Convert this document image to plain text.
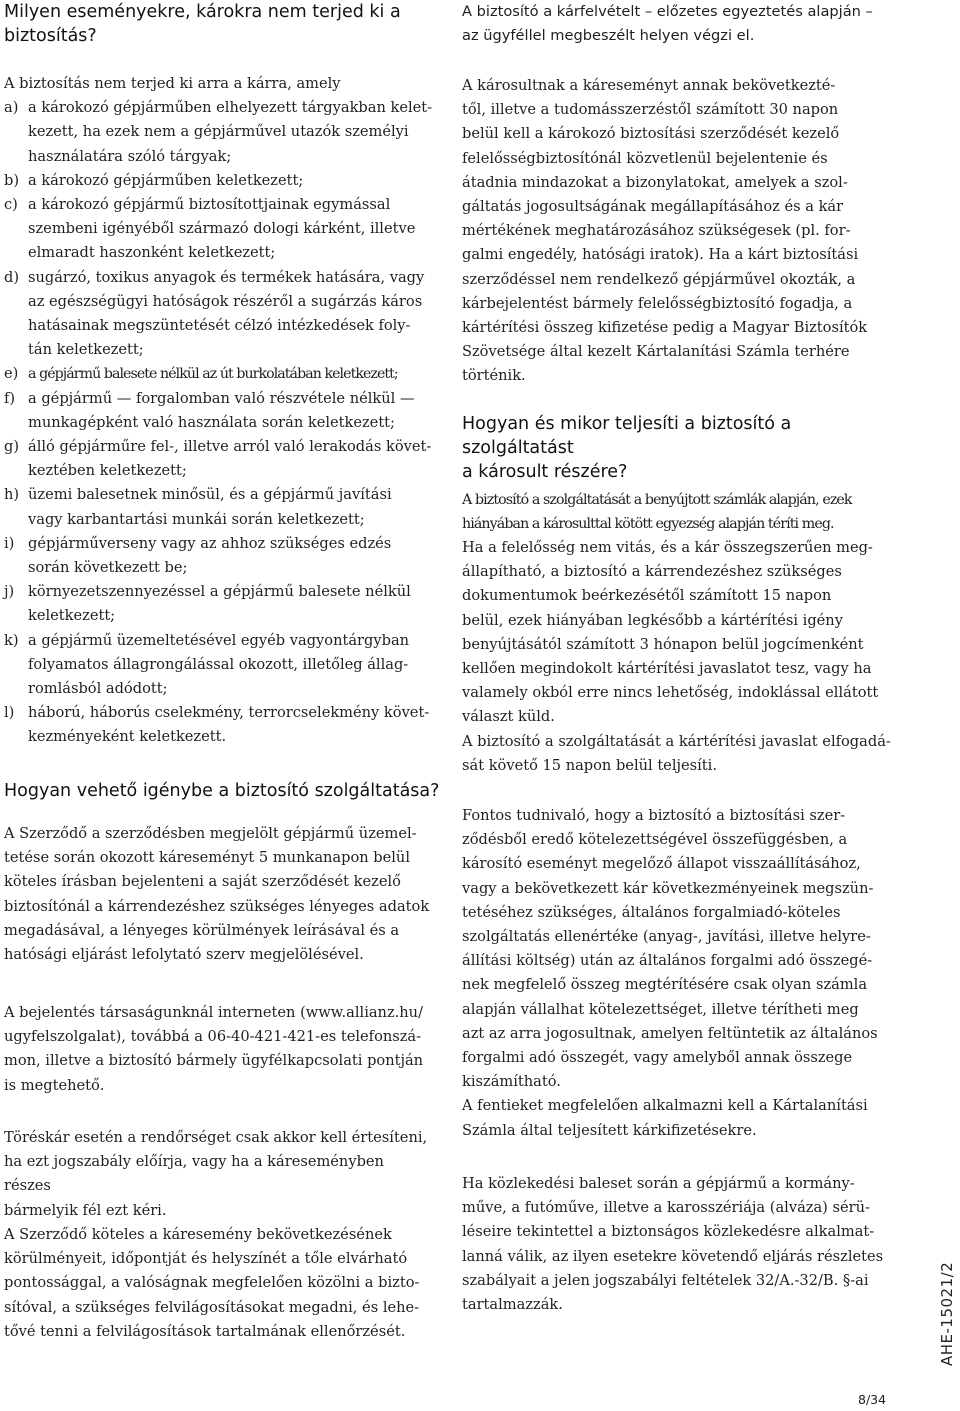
Milyen eseményekre, károkra nem terjed ki a
biztosítás?

A biztosítás nem terjed ki arra a kárra, amely

a) a károkozó gépjárműben elhelyezett tárgyakban kelet-
kezett, ha ezek nem a gépjárművel utazók személyi
használatára szóló tárgyak;
b) a károkozó gépjárműben keletkezett;
c) a károkozó gépjármű biztosítottjainak egymással
szembeni igényéből származó dologi kárként, illetve
elmaradt haszonként keletkezett;
d) sugárzó, toxikus anyagok és termékek hatására, vagy
az egészségügyi hatóságok részéről a sugárzás káros
hatásainak megszüntetését célzó intézkedések foly-
tán keletkezett;
e) a gépjármű balesete nélkül az út burkolatában keletkezett;
f) a gépjármű — forgalomban való részvétele nélkül —
munkagépként való használata során keletkezett;
g) álló gépjárműre fel-, illetve arról való lerakodás követ-
keztében keletkezett;
h) üzemi balesetnek minősül, és a gépjármű javítási
vagy karbantartási munkái során keletkezett;
i) gépjárműverseny vagy az ahhoz szükséges edzés
során következett be;
j) környezetszennyezéssel a gépjármű balesete nélkül
keletkezett;
k) a gépjármű üzemeltetésével egyéb vagyontárgyban
folyamatos állagrongálással okozott, illetőleg állag-
romlásból adódott;
l) háború, háborús cselekmény, terrorcselekmény követ-
kezményeként keletkezett.
Hogyan vehető igénybe a biztosító szolgáltatása?
A Szerződő a szerződésben megjelölt gépjármű üzemel-
tetése során okozott káreseményt 5 munkanapon belül
köteles írásban bejelenteni a saját szerződését kezelő
biztosítónál a kárrendezéshez szükséges lényeges adatok
megadásával, a lényeges körülmények leírásával és a
hatósági eljárást lefolytató szerv megjelölésével.
A bejelentés társaságunknál interneten (www.allianz.hu/
ugyfelszolgalat), továbbá a 06-40-421-421-es telefonszá-
mon, illetve a biztosító bármely ügyfélkapcsolati pontján
is megtehető.
Töréskár esetén a rendőrséget csak akkor kell értesíteni,
ha ezt jogszabály előírja, vagy ha a káreseményben részes
bármelyik fél ezt kéri.
A Szerződő köteles a káresemény bekövetkezésének
körülményeit, időpontját és helyszínét a tőle elvárható
pontossággal, a valóságnak megfelelően közölni a bizto-
sítóval, a szükséges felvilágosításokat megadni, és lehe-
tővé tenni a felvilágosítások tartalmának ellenőrzését.
A biztosító a kárfelvételt – előzetes egyeztetés alapján –
az ügyféllel megbeszélt helyen végzi el.
A károsultnak a káreseményt annak bekövetkezté-
től, illetve a tudomásszerzéstől számított 30 napon
belül kell a károkozó biztosítási szerződését kezelő
felelősségbiztosítónál közvetlenül bejelentenie és
átadnia mindazokat a bizonylatokat, amelyek a szol-
gáltatás jogosultságának megállapításához és a kár
mértékének meghatározásához szükségesek (pl. for-
galmi engedély, hatósági iratok). Ha a kárt biztosítási
szerződéssel nem rendelkező gépjárművel okozták, a
kárbejelentést bármely felelősségbiztosító fogadja, a
kártérítési összeg kifizetése pedig a Magyar Biztosítók
Szövetsége által kezelt Kártalanítási Számla terhére
történik.
Hogyan és mikor teljesíti a biztosító a szolgáltatást
a károsult részére?
A biztosító a szolgáltatását a benyújtott számlák alapján, ezek
hiányában a károsulttal kötött egyezség alapján téríti meg.
Ha a felelősség nem vitás, és a kár összegszerűen meg-
állapítható, a biztosító a kárrendezéshez szükséges
dokumentumok beérkezésétől számított 15 napon
belül, ezek hiányában legkésőbb a kártérítési igény
benyújtásától számított 3 hónapon belül jogcímenként
kellően megindokolt kártérítési javaslatot tesz, vagy ha
valamely okból erre nincs lehetőség, indoklással ellátott
választ küld.
A biztosító a szolgáltatását a kártérítési javaslat elfogadá-
sát követő 15 napon belül teljesíti.
Fontos tudnivaló, hogy a biztosító a biztosítási szer-
ződésből eredő kötelezettségével összefüggésben, a
károsító eseményt megelőző állapot visszaállításához,
vagy a bekövetkezett kár következményeinek megszün-
tetéséhez szükséges, általános forgalmiadó-köteles
szolgáltatás ellenértéke (anyag-, javítási, illetve helyre-
állítási költség) után az általános forgalmi adó összegé-
nek megfelelő összeg megtérítésére csak olyan számla
alapján vállalhat kötelezettséget, illetve térítheti meg
azt az arra jogosultnak, amelyen feltüntetik az általános
forgalmi adó összegét, vagy amelyből annak összege
kiszámítható.
A fentieket megfelelően alkalmazni kell a Kártalanítási
Számla által teljesített kárkifizetésekre.
Ha közlekedési baleset során a gépjármű a kormány-
műve, a futóműve, illetve a karosszériája (alváza) sérü-
léseire tekintettel a biztonságos közlekedésre alkalmat-
lanná válik, az ilyen esetekre követendő eljárás részletes
szabályait a jelen jogszabályi feltételek 32/A.-32/B. §-ai
tartalmazzák.	AHE-15021/2
8/34
